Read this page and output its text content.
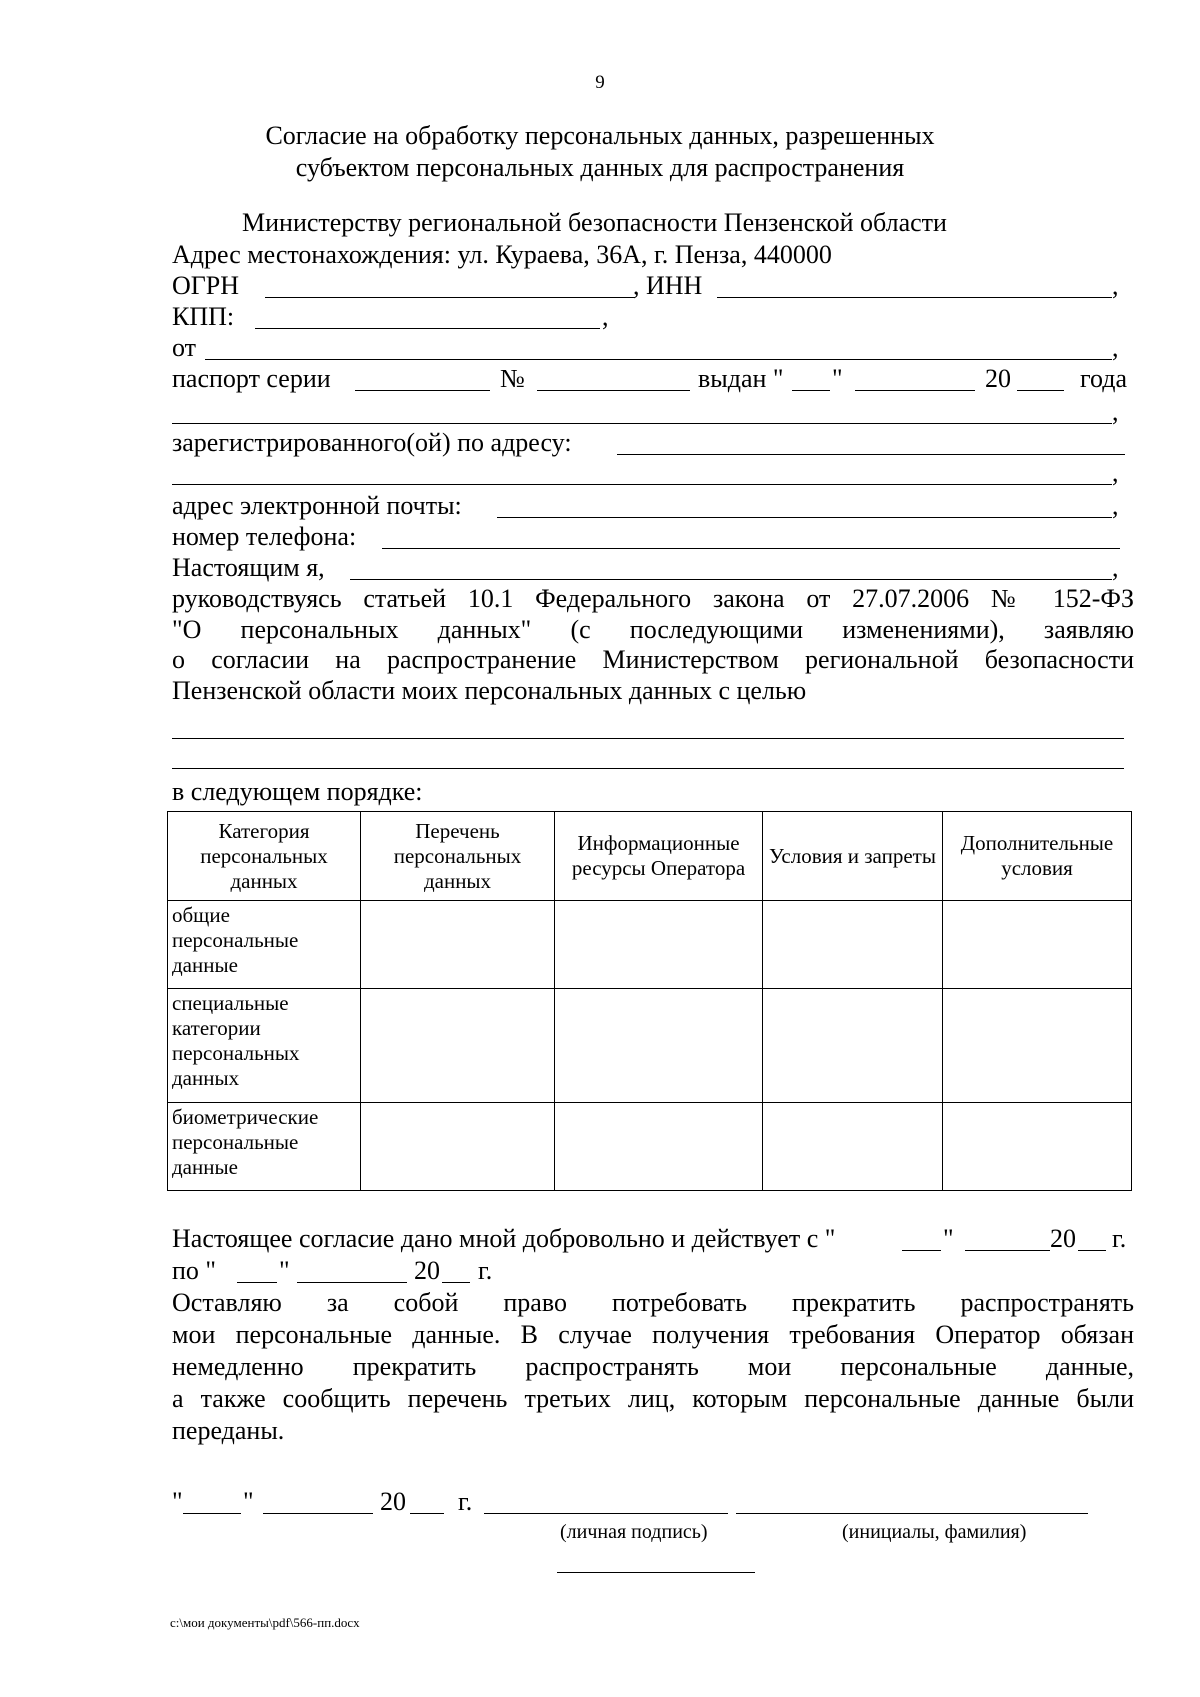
9
Согласие на обработку персональных данных, разрешенных
субъектом персональных данных для распространения
Министерству региональной безопасности Пензенской области
Адрес местонахождения: ул. Кураева, 36А, г. Пенза, 440000
ОГРН	, ИНН	,
КПП:	,
от	,
паспорт серии	№	выдан " "	20	года
,
зарегистрированного(ой) по адресу:
,
адрес электронной почты:	,
номер телефона:
Настоящим я,	,
руководствуясь статьей 10.1 Федерального закона от 27.07.2006 № 152-ФЗ
"О персональных данных" (с последующими изменениями), заявляю
о согласии на распространение Министерством региональной безопасности
Пензенской области моих персональных данных с целью
в следующем порядке:
Категория персональных данных	Перечень персональных данных	Информационные ресурсы Оператора	Условия и запреты	Дополнительные условия
общие персональные данные				
специальные категории персональных данных				
биометрические персональные данные				
Настоящее согласие дано мной добровольно и действует с "	"	20 г.
по " "	20 г.
Оставляю за собой право потребовать прекратить распространять
мои персональные данные. В случае получения требования Оператор обязан
немедленно прекратить распространять мои персональные данные,
а также сообщить перечень третьих лиц, которым персональные данные были
переданы.
" "	20 г.
(личная подпись)	(инициалы, фамилия)
c:\мои документы\pdf\566-пп.docx
